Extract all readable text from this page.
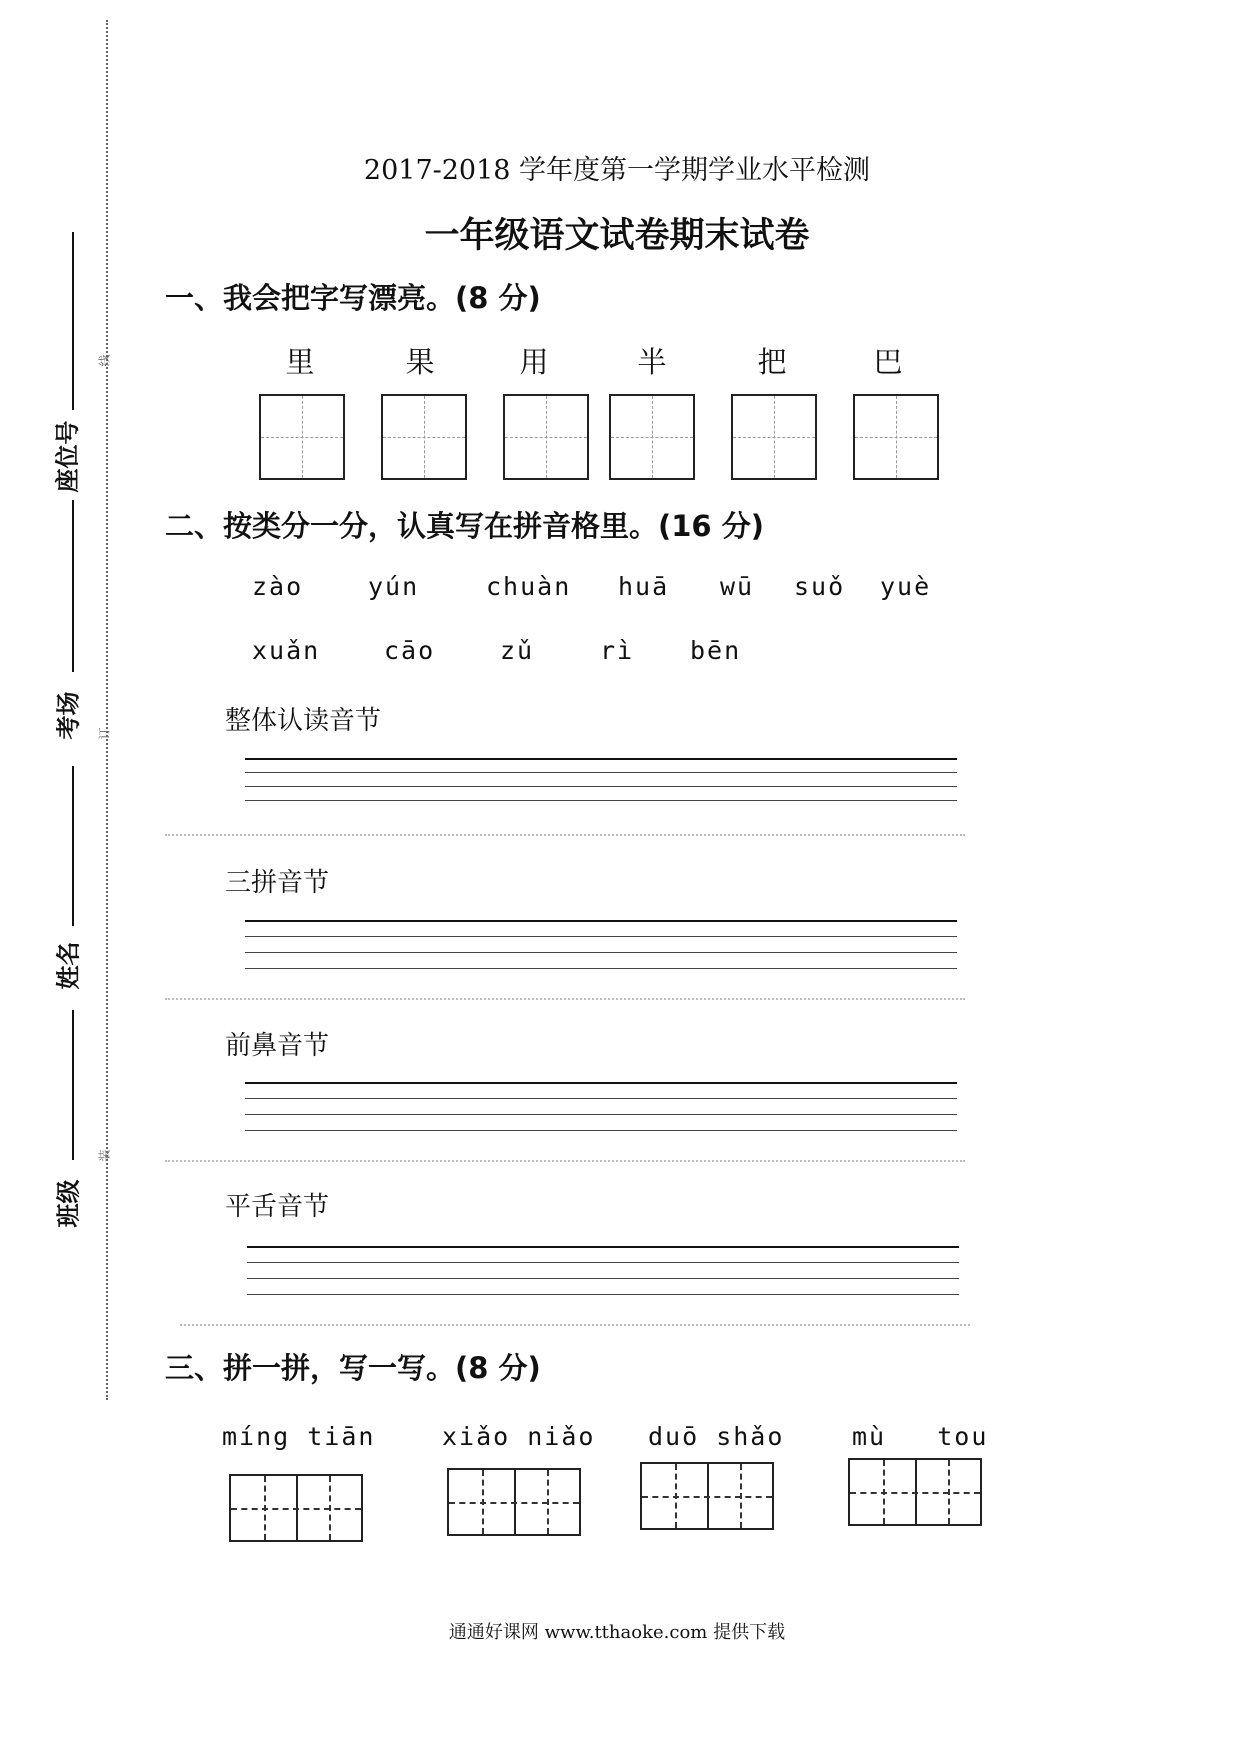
线
订
装
座位号
考场
姓名
班级
2017-2018 学年度第一学期学业水平检测
一年级语文试卷期末试卷
一、我会把字写漂亮。(8 分)
里	果	用	半	把	巴
二、按类分一分，认真写在拼音格里。(16 分)
zào	yún	chuàn huā wū suǒ yuè
xuǎn	cāo	zǔ	rì bēn
整体认读音节
三拼音节
前鼻音节
平舌音节
三、拼一拼，写一写。(8 分)
míng tiān	xiǎo niǎo duō shǎo	mù   tou
通通好课网 www.tthaoke.com 提供下载
